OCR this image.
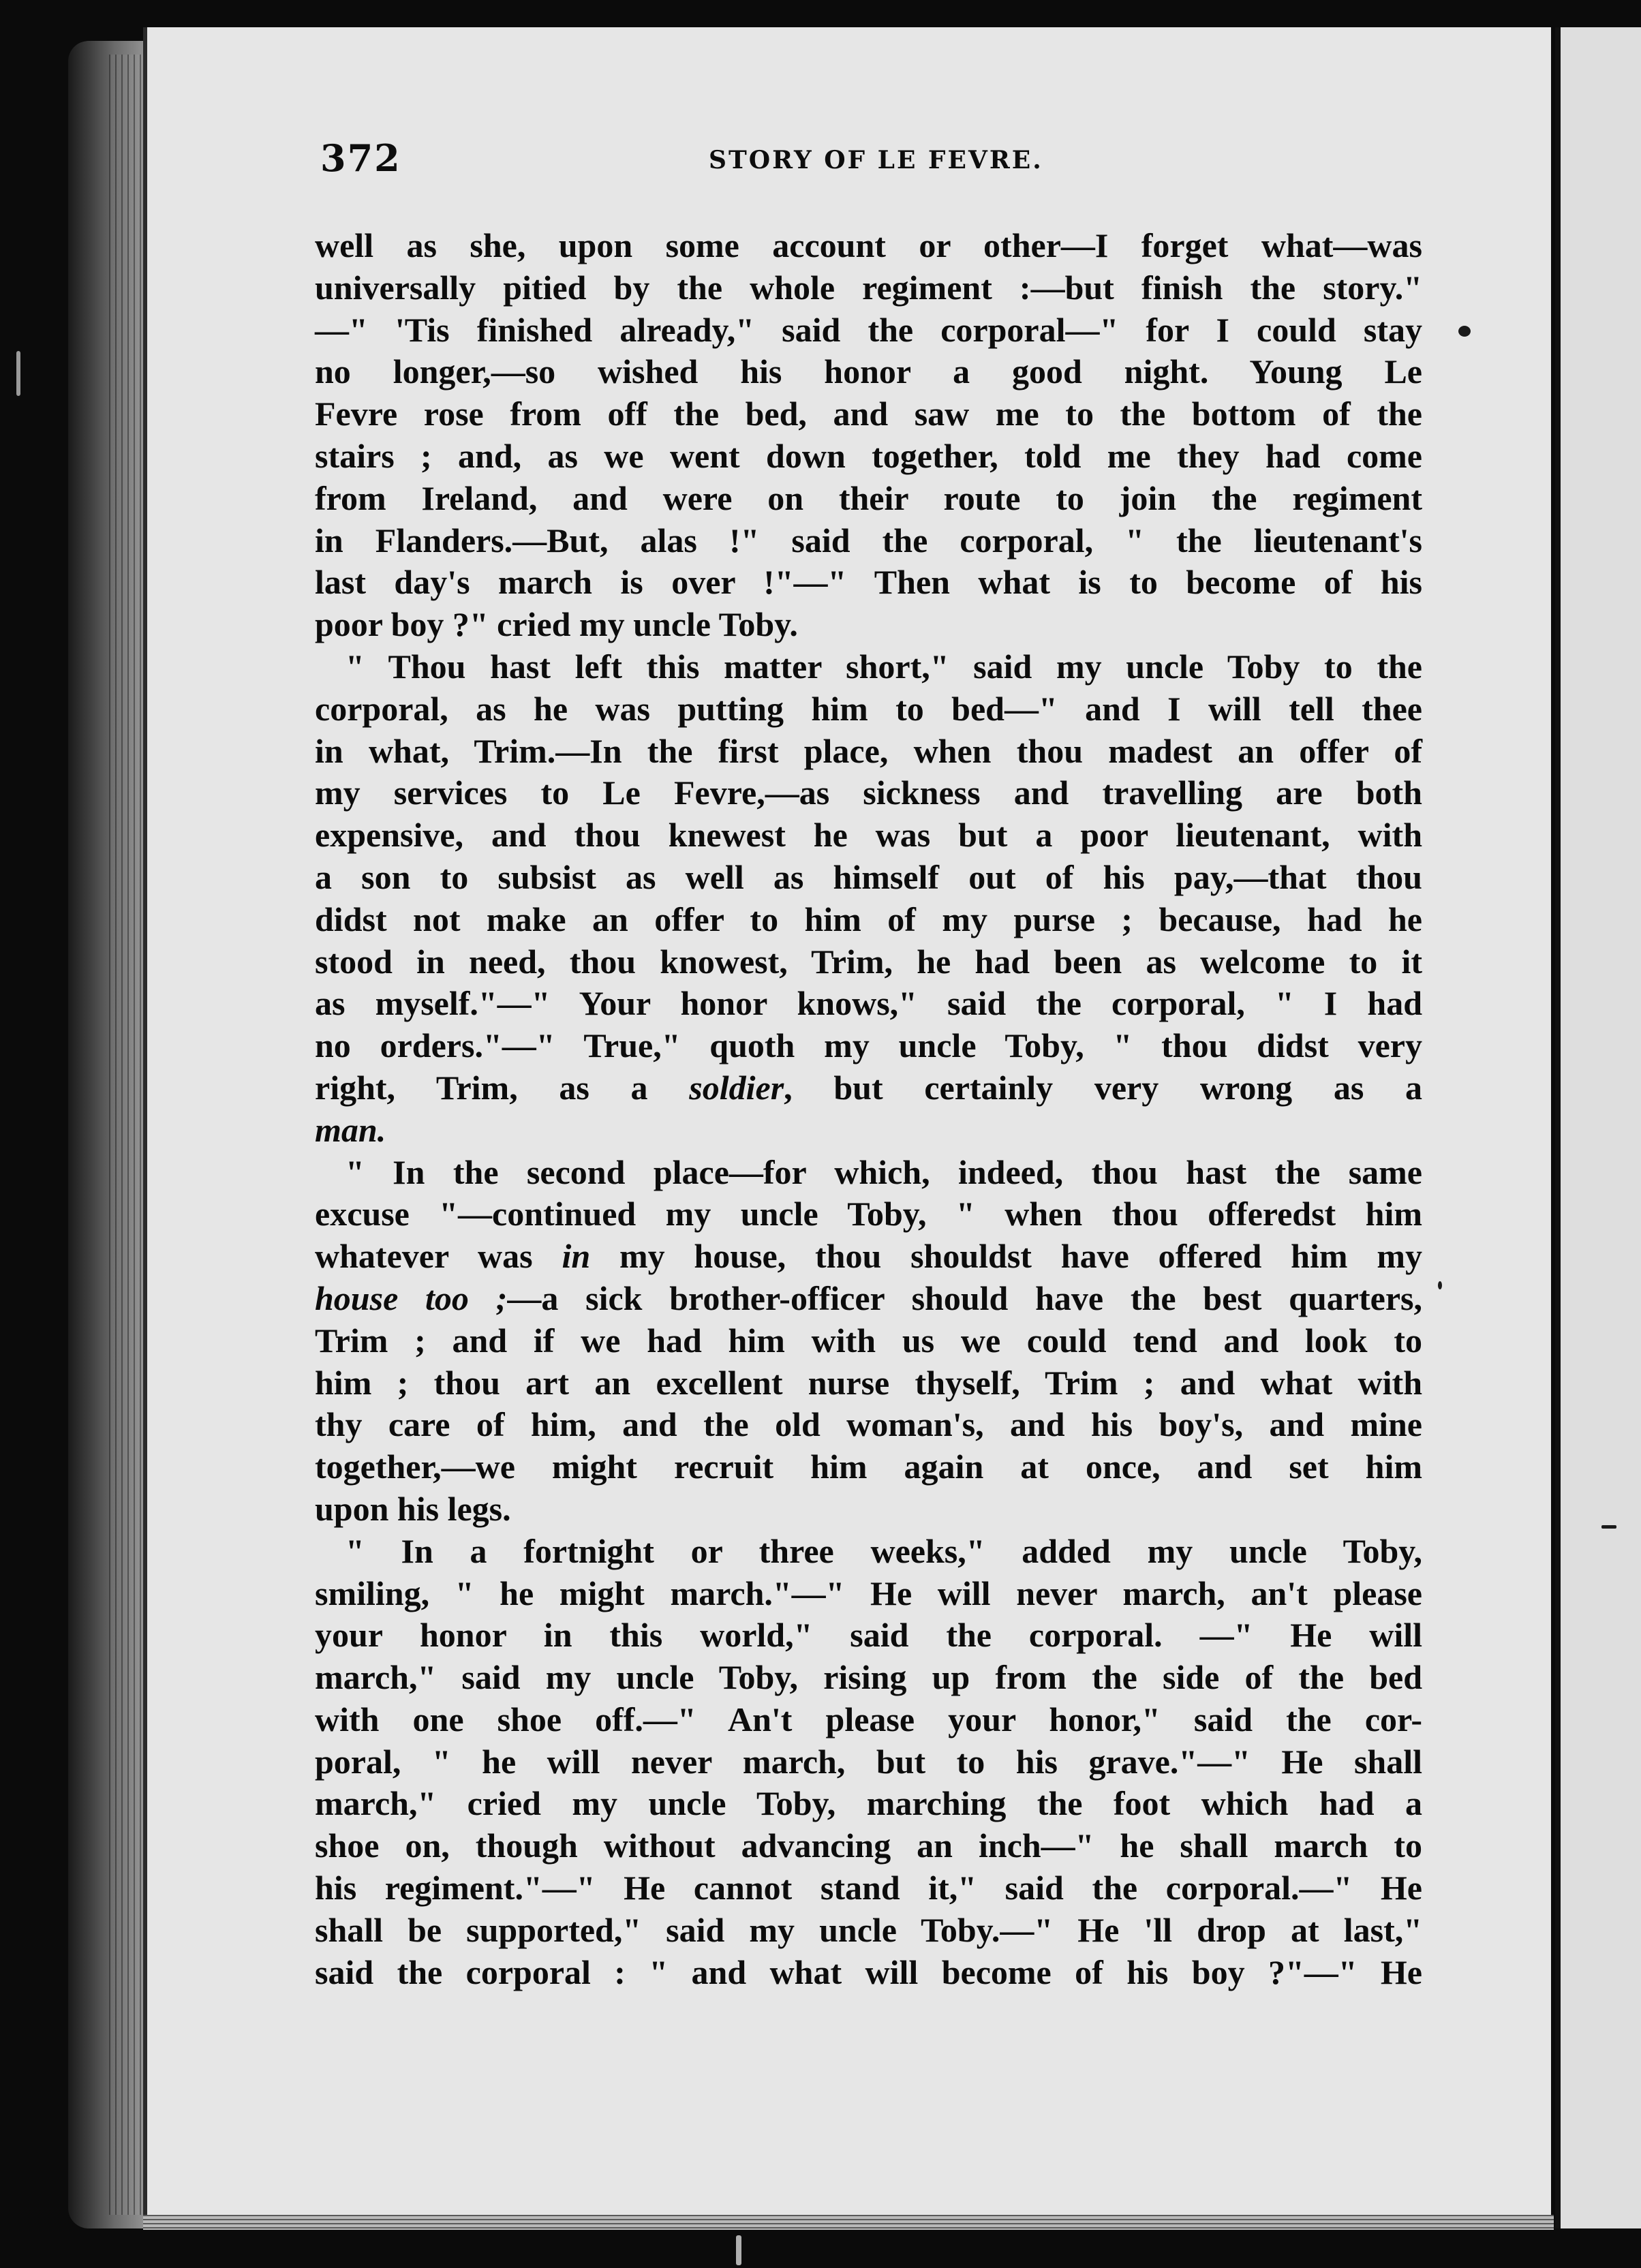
372	STORY OF LE FEVRE.
well as she, upon some account or other—I forget what—was
universally pitied by the whole regiment :—but finish the story."
—" 'Tis finished already," said the corporal—" for I could stay
no longer,—so wished his honor a good night. Young Le
Fevre rose from off the bed, and saw me to the bottom of the
stairs ; and, as we went down together, told me they had come
from Ireland, and were on their route to join the regiment
in Flanders.—But, alas !" said the corporal, " the lieutenant's
last day's march is over !"—" Then what is to become of his
poor boy ?" cried my uncle Toby.
" Thou hast left this matter short," said my uncle Toby to the
corporal, as he was putting him to bed—" and I will tell thee
in what, Trim.—In the first place, when thou madest an offer of
my services to Le Fevre,—as sickness and travelling are both
expensive, and thou knewest he was but a poor lieutenant, with
a son to subsist as well as himself out of his pay,—that thou
didst not make an offer to him of my purse ; because, had he
stood in need, thou knowest, Trim, he had been as welcome to it
as myself."—" Your honor knows," said the corporal, " I had
no orders."—" True," quoth my uncle Toby, " thou didst very
right, Trim, as a soldier, but certainly very wrong as a
man.
" In the second place—for which, indeed, thou hast the same
excuse "—continued my uncle Toby, " when thou offeredst him
whatever was in my house, thou shouldst have offered him my
house too ;—a sick brother-officer should have the best quarters,
Trim ; and if we had him with us we could tend and look to
him ; thou art an excellent nurse thyself, Trim ; and what with
thy care of him, and the old woman's, and his boy's, and mine
together,—we might recruit him again at once, and set him
upon his legs.
" In a fortnight or three weeks," added my uncle Toby,
smiling, " he might march."—" He will never march, an't please
your honor in this world," said the corporal. —" He will
march," said my uncle Toby, rising up from the side of the bed
with one shoe off.—" An't please your honor," said the cor-
poral, " he will never march, but to his grave."—" He shall
march," cried my uncle Toby, marching the foot which had a
shoe on, though without advancing an inch—" he shall march to
his regiment."—" He cannot stand it," said the corporal.—" He
shall be supported," said my uncle Toby.—" He 'll drop at last,"
said the corporal : " and what will become of his boy ?"—" He
